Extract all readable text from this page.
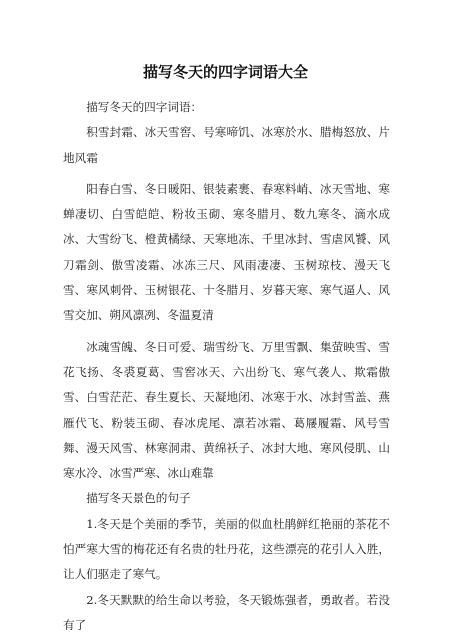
描写冬天的四字词语大全

描写冬天的四字词语：

积雪封霜、冰天雪窖、号寒啼饥、冰寒於水、腊梅怒放、片地风霜

阳春白雪、冬日暖阳、银装素裹、春寒料峭、冰天雪地、寒蝉凄切、白雪皑皑、粉妆玉砌、寒冬腊月、数九寒冬、滴水成冰、大雪纷飞、橙黄橘绿、天寒地冻、千里冰封、雪虐风饕、风刀霜剑、傲雪凌霜、冰冻三尺、风雨凄凄、玉树琼枝、漫天飞雪、寒风刺骨、玉树银花、十冬腊月、岁暮天寒、寒气逼人、风雪交加、朔风凛冽、冬温夏清

冰魂雪魄、冬日可爱、瑞雪纷飞、万里雪飘、集萤映雪、雪花飞扬、冬裘夏葛、雪窖冰天、六出纷飞、寒气袭人、欺霜傲雪、白雪茫茫、春生夏长、天凝地闭、冰寒于水、冰封雪盖、燕雁代飞、粉装玉砌、春冰虎尾、凛若冰霜、葛屦履霜、风号雪舞、漫天风雪、林寒洞肃、黄绵袄子、冰封大地、寒风侵肌、山寒水冷、冰雪严寒、冰山难靠

描写冬天景色的句子

1.冬天是个美丽的季节，美丽的似血杜鹃鲜红艳丽的茶花不怕严寒大雪的梅花还有名贵的牡丹花，这些漂亮的花引人入胜，让人们驱走了寒气。

2.冬天默默的给生命以考验，冬天锻炼强者，勇敢者。若没有了
